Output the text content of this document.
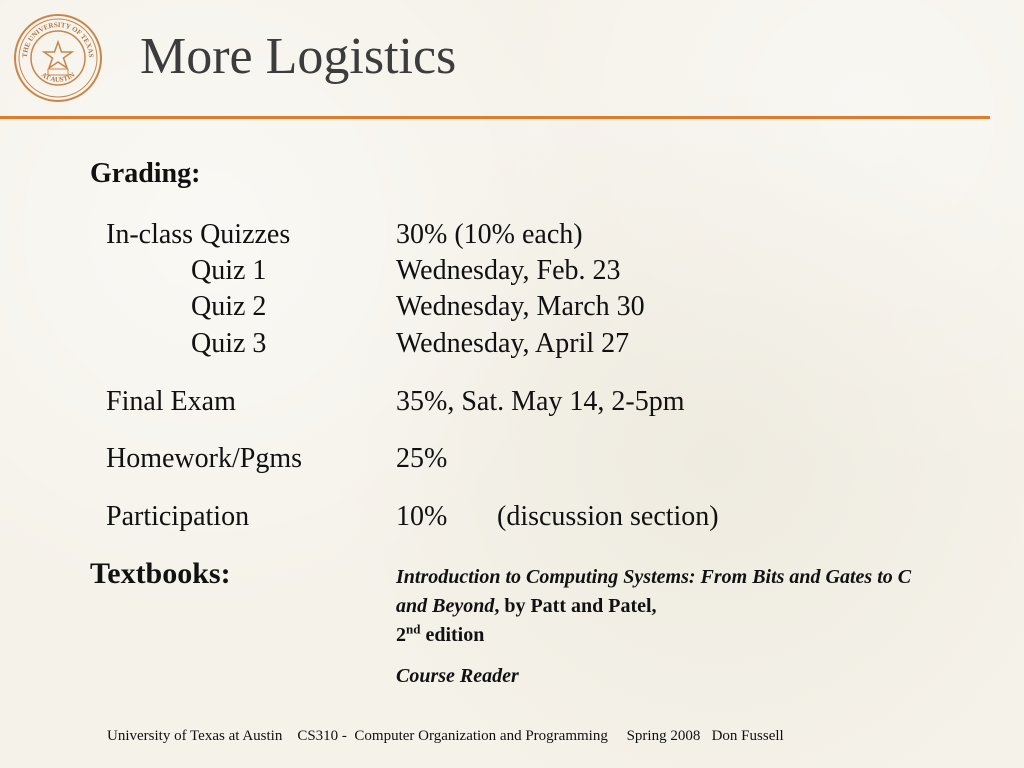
THE UNIVERSITY OF TEXAS
AT AUSTIN More Logistics
Grading:
In-class Quizzes	30% (10% each)
Quiz 1	Wednesday, Feb. 23
Quiz 2	Wednesday, March 30
Quiz 3	Wednesday, April 27
Final Exam	35%, Sat. May 14, 2-5pm
Homework/Pgms	25%
Participation	10% (discussion section)
Textbooks:	Introduction to Computing Systems: From Bits and Gates to C and Beyond, by Patt and Patel,
2nd edition
Course Reader
University of Texas at Austin    CS310 -  Computer Organization and Programming     Spring 2008   Don Fussell
